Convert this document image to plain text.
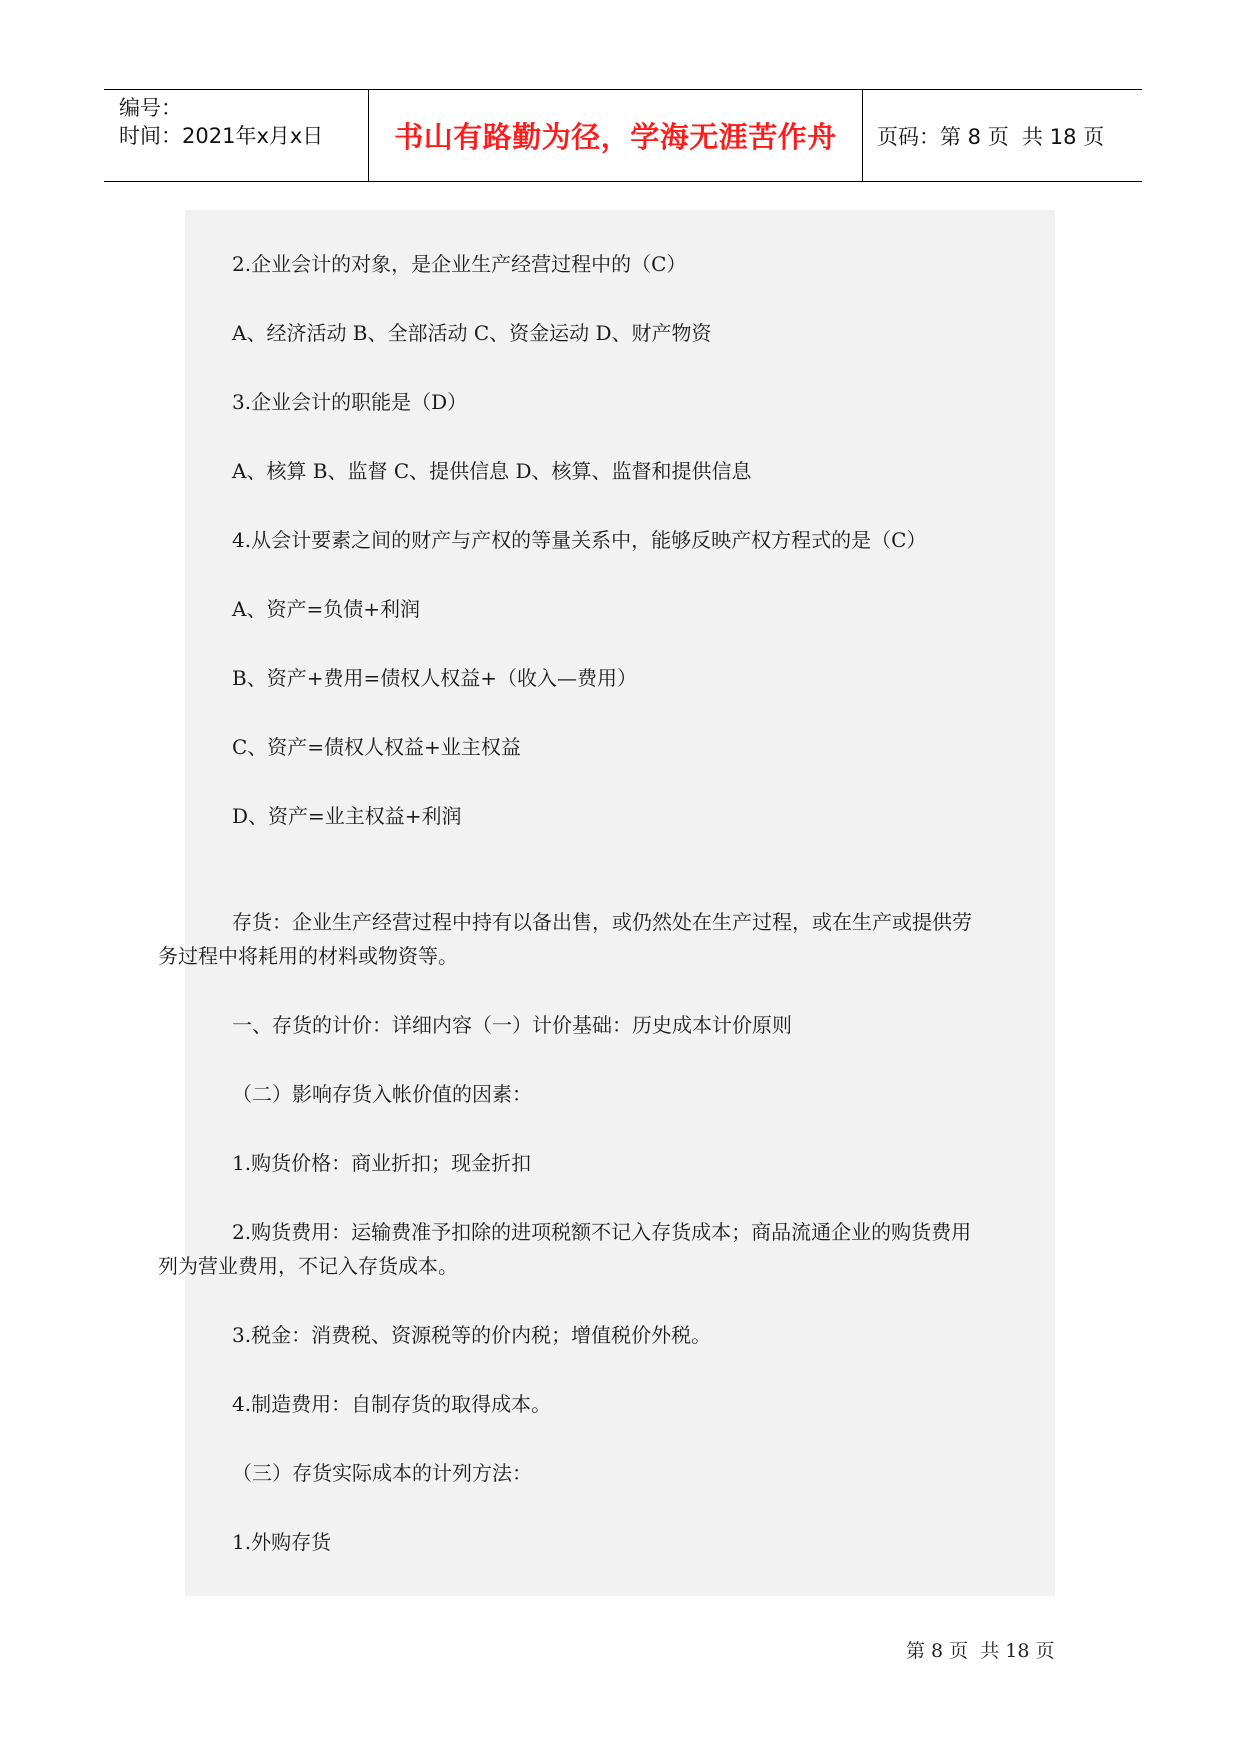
编号：
时间：2021年x月x日	书山有路勤为径，学海无涯苦作舟	页码：第 8 页  共 18 页
2.企业会计的对象，是企业生产经营过程中的（C）
A、经济活动 B、全部活动 C、资金运动 D、财产物资
3.企业会计的职能是（D）
A、核算 B、监督 C、提供信息 D、核算、监督和提供信息
4.从会计要素之间的财产与产权的等量关系中，能够反映产权方程式的是（C）
A、资产=负债+利润
B、资产+费用=债权人权益+（收入—费用）
C、资产=债权人权益+业主权益
D、资产=业主权益+利润
存货：企业生产经营过程中持有以备出售，或仍然处在生产过程，或在生产或提供劳
务过程中将耗用的材料或物资等。
一、存货的计价：详细内容（一）计价基础：历史成本计价原则
（二）影响存货入帐价值的因素：
1.购货价格：商业折扣；现金折扣
2.购货费用：运输费准予扣除的进项税额不记入存货成本；商品流通企业的购货费用
列为营业费用，不记入存货成本。
3.税金：消费税、资源税等的价内税；增值税价外税。
4.制造费用：自制存货的取得成本。
（三）存货实际成本的计列方法：
1.外购存货
第 8 页  共 18 页
